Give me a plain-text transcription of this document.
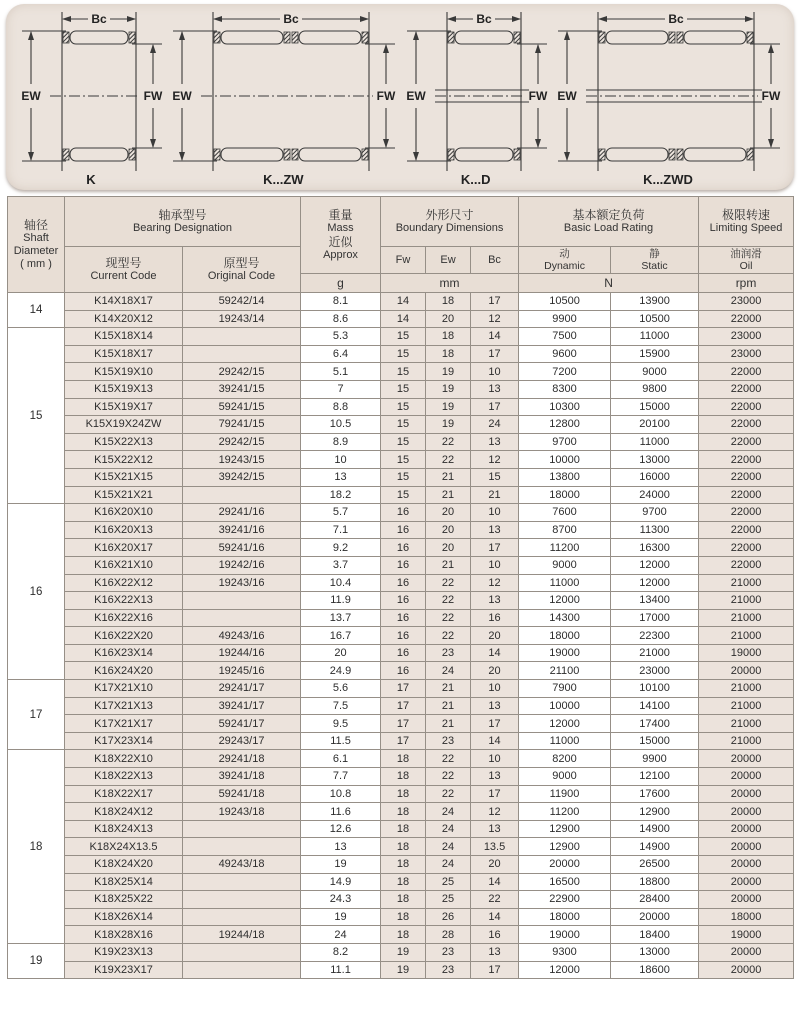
Bc
EW	FW
K
Bc
EW	FW
K...ZW
Bc
EW	FW
K...D
Bc
EW	FW
K...ZWD
轴径
Shaft
Diameter
( mm )	轴承型号
Bearing Designation		重量
Mass
近似
Approx	外形尺寸
Boundary Dimensions			基本额定负荷
Basic Load Rating		极限转速
Limiting Speed

	现型号
Current Code	原型号
Original Code		Fw	Ew	Bc	动
Dynamic	静
Static	油润滑
Oil

			g	mm			N		rpm
14	K14X18X17	59242/14	8.1	14	18	17	10500	13900	23000
	K14X20X12	19243/14	8.6	14	20	12	9900	10500	22000
15	K15X18X14		5.3	15	18	14	7500	11000	23000
	K15X18X17		6.4	15	18	17	9600	15900	23000
	K15X19X10	29242/15	5.1	15	19	10	7200	9000	22000
	K15X19X13	39241/15	7	15	19	13	8300	9800	22000
	K15X19X17	59241/15	8.8	15	19	17	10300	15000	22000
	K15X19X24ZW	79241/15	10.5	15	19	24	12800	20100	22000
	K15X22X13	29242/15	8.9	15	22	13	9700	11000	22000
	K15X22X12	19243/15	10	15	22	12	10000	13000	22000
	K15X21X15	39242/15	13	15	21	15	13800	16000	22000
	K15X21X21		18.2	15	21	21	18000	24000	22000
16	K16X20X10	29241/16	5.7	16	20	10	7600	9700	22000
	K16X20X13	39241/16	7.1	16	20	13	8700	11300	22000
	K16X20X17	59241/16	9.2	16	20	17	11200	16300	22000
	K16X21X10	19242/16	3.7	16	21	10	9000	12000	22000
	K16X22X12	19243/16	10.4	16	22	12	11000	12000	21000
	K16X22X13		11.9	16	22	13	12000	13400	21000
	K16X22X16		13.7	16	22	16	14300	17000	21000
	K16X22X20	49243/16	16.7	16	22	20	18000	22300	21000
	K16X23X14	19244/16	20	16	23	14	19000	21000	19000
	K16X24X20	19245/16	24.9	16	24	20	21100	23000	20000
17	K17X21X10	29241/17	5.6	17	21	10	7900	10100	21000
	K17X21X13	39241/17	7.5	17	21	13	10000	14100	21000
	K17X21X17	59241/17	9.5	17	21	17	12000	17400	21000
	K17X23X14	29243/17	11.5	17	23	14	11000	15000	21000
18	K18X22X10	29241/18	6.1	18	22	10	8200	9900	20000
	K18X22X13	39241/18	7.7	18	22	13	9000	12100	20000
	K18X22X17	59241/18	10.8	18	22	17	11900	17600	20000
	K18X24X12	19243/18	11.6	18	24	12	11200	12900	20000
	K18X24X13		12.6	18	24	13	12900	14900	20000
	K18X24X13.5		13	18	24	13.5	12900	14900	20000
	K18X24X20	49243/18	19	18	24	20	20000	26500	20000
	K18X25X14		14.9	18	25	14	16500	18800	20000
	K18X25X22		24.3	18	25	22	22900	28400	20000
	K18X26X14		19	18	26	14	18000	20000	18000
	K18X28X16	19244/18	24	18	28	16	19000	18400	19000
19	K19X23X13		8.2	19	23	13	9300	13000	20000
	K19X23X17		11.1	19	23	17	12000	18600	20000
